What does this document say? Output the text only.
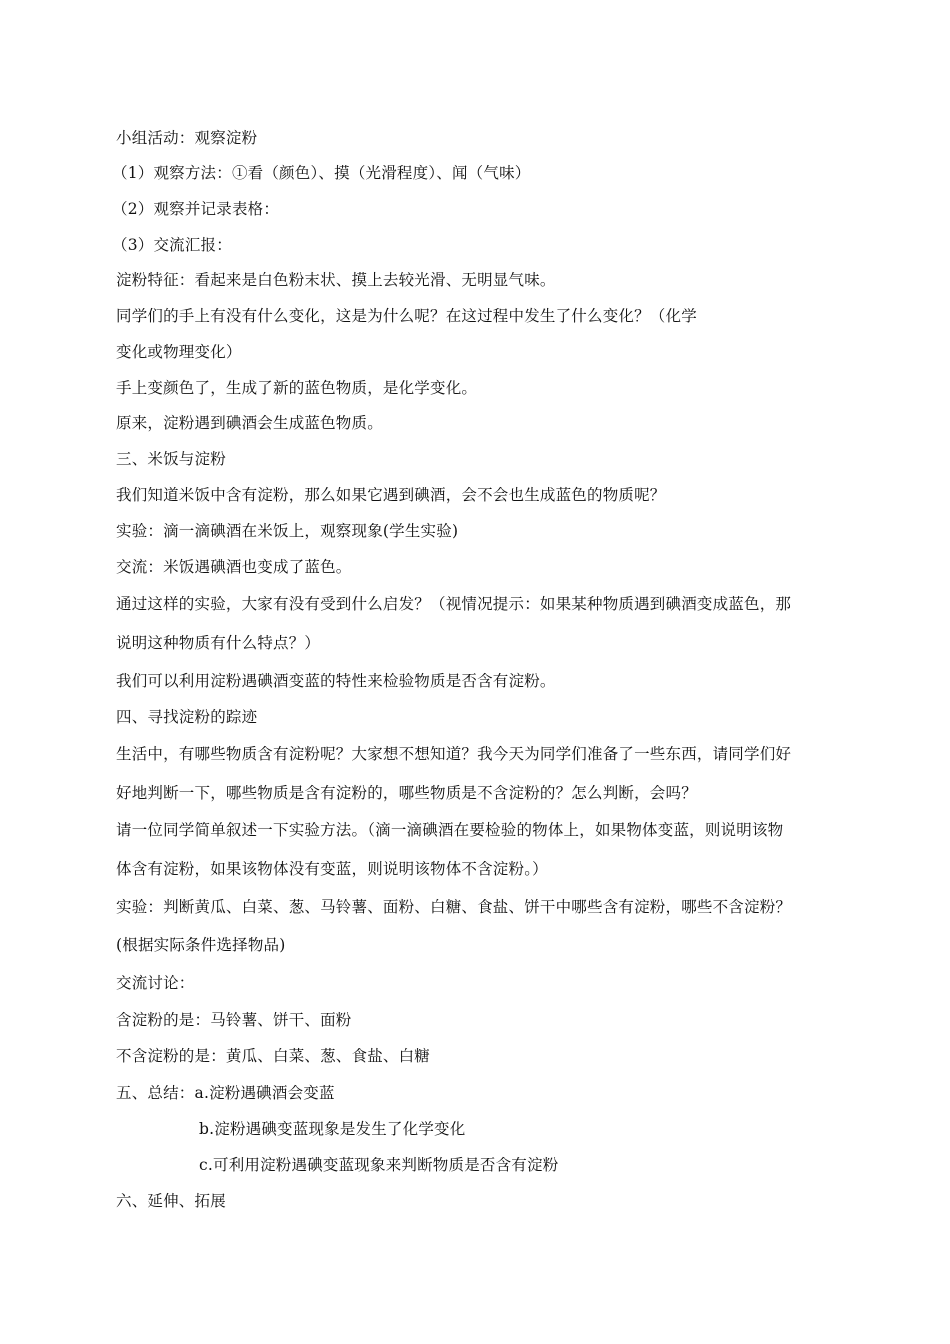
小组活动：观察淀粉
（1）观察方法：①看（颜色）、摸（光滑程度）、闻（气味）
（2）观察并记录表格：
（3）交流汇报：
淀粉特征：看起来是白色粉末状、摸上去较光滑、无明显气味。
同学们的手上有没有什么变化，这是为什么呢？在这过程中发生了什么变化？（化学
变化或物理变化）
手上变颜色了，生成了新的蓝色物质，是化学变化。
原来，淀粉遇到碘酒会生成蓝色物质。
三、米饭与淀粉
我们知道米饭中含有淀粉，那么如果它遇到碘酒，会不会也生成蓝色的物质呢？
实验：滴一滴碘酒在米饭上，观察现象(学生实验)
交流：米饭遇碘酒也变成了蓝色。
通过这样的实验，大家有没有受到什么启发？（视情况提示：如果某种物质遇到碘酒变成蓝色，那
说明这种物质有什么特点？）
我们可以利用淀粉遇碘酒变蓝的特性来检验物质是否含有淀粉。
四、寻找淀粉的踪迹
生活中，有哪些物质含有淀粉呢？大家想不想知道？我今天为同学们准备了一些东西，请同学们好
好地判断一下，哪些物质是含有淀粉的，哪些物质是不含淀粉的？怎么判断，会吗？
请一位同学简单叙述一下实验方法。（滴一滴碘酒在要检验的物体上，如果物体变蓝，则说明该物
体含有淀粉，如果该物体没有变蓝，则说明该物体不含淀粉。）
实验：判断黄瓜、白菜、葱、马铃薯、面粉、白糖、食盐、饼干中哪些含有淀粉，哪些不含淀粉？
(根据实际条件选择物品)
交流讨论：
含淀粉的是：马铃薯、饼干、面粉
不含淀粉的是：黄瓜、白菜、葱、食盐、白糖
五、总结：a.淀粉遇碘酒会变蓝
b.淀粉遇碘变蓝现象是发生了化学变化
c.可利用淀粉遇碘变蓝现象来判断物质是否含有淀粉
六、延伸、拓展
